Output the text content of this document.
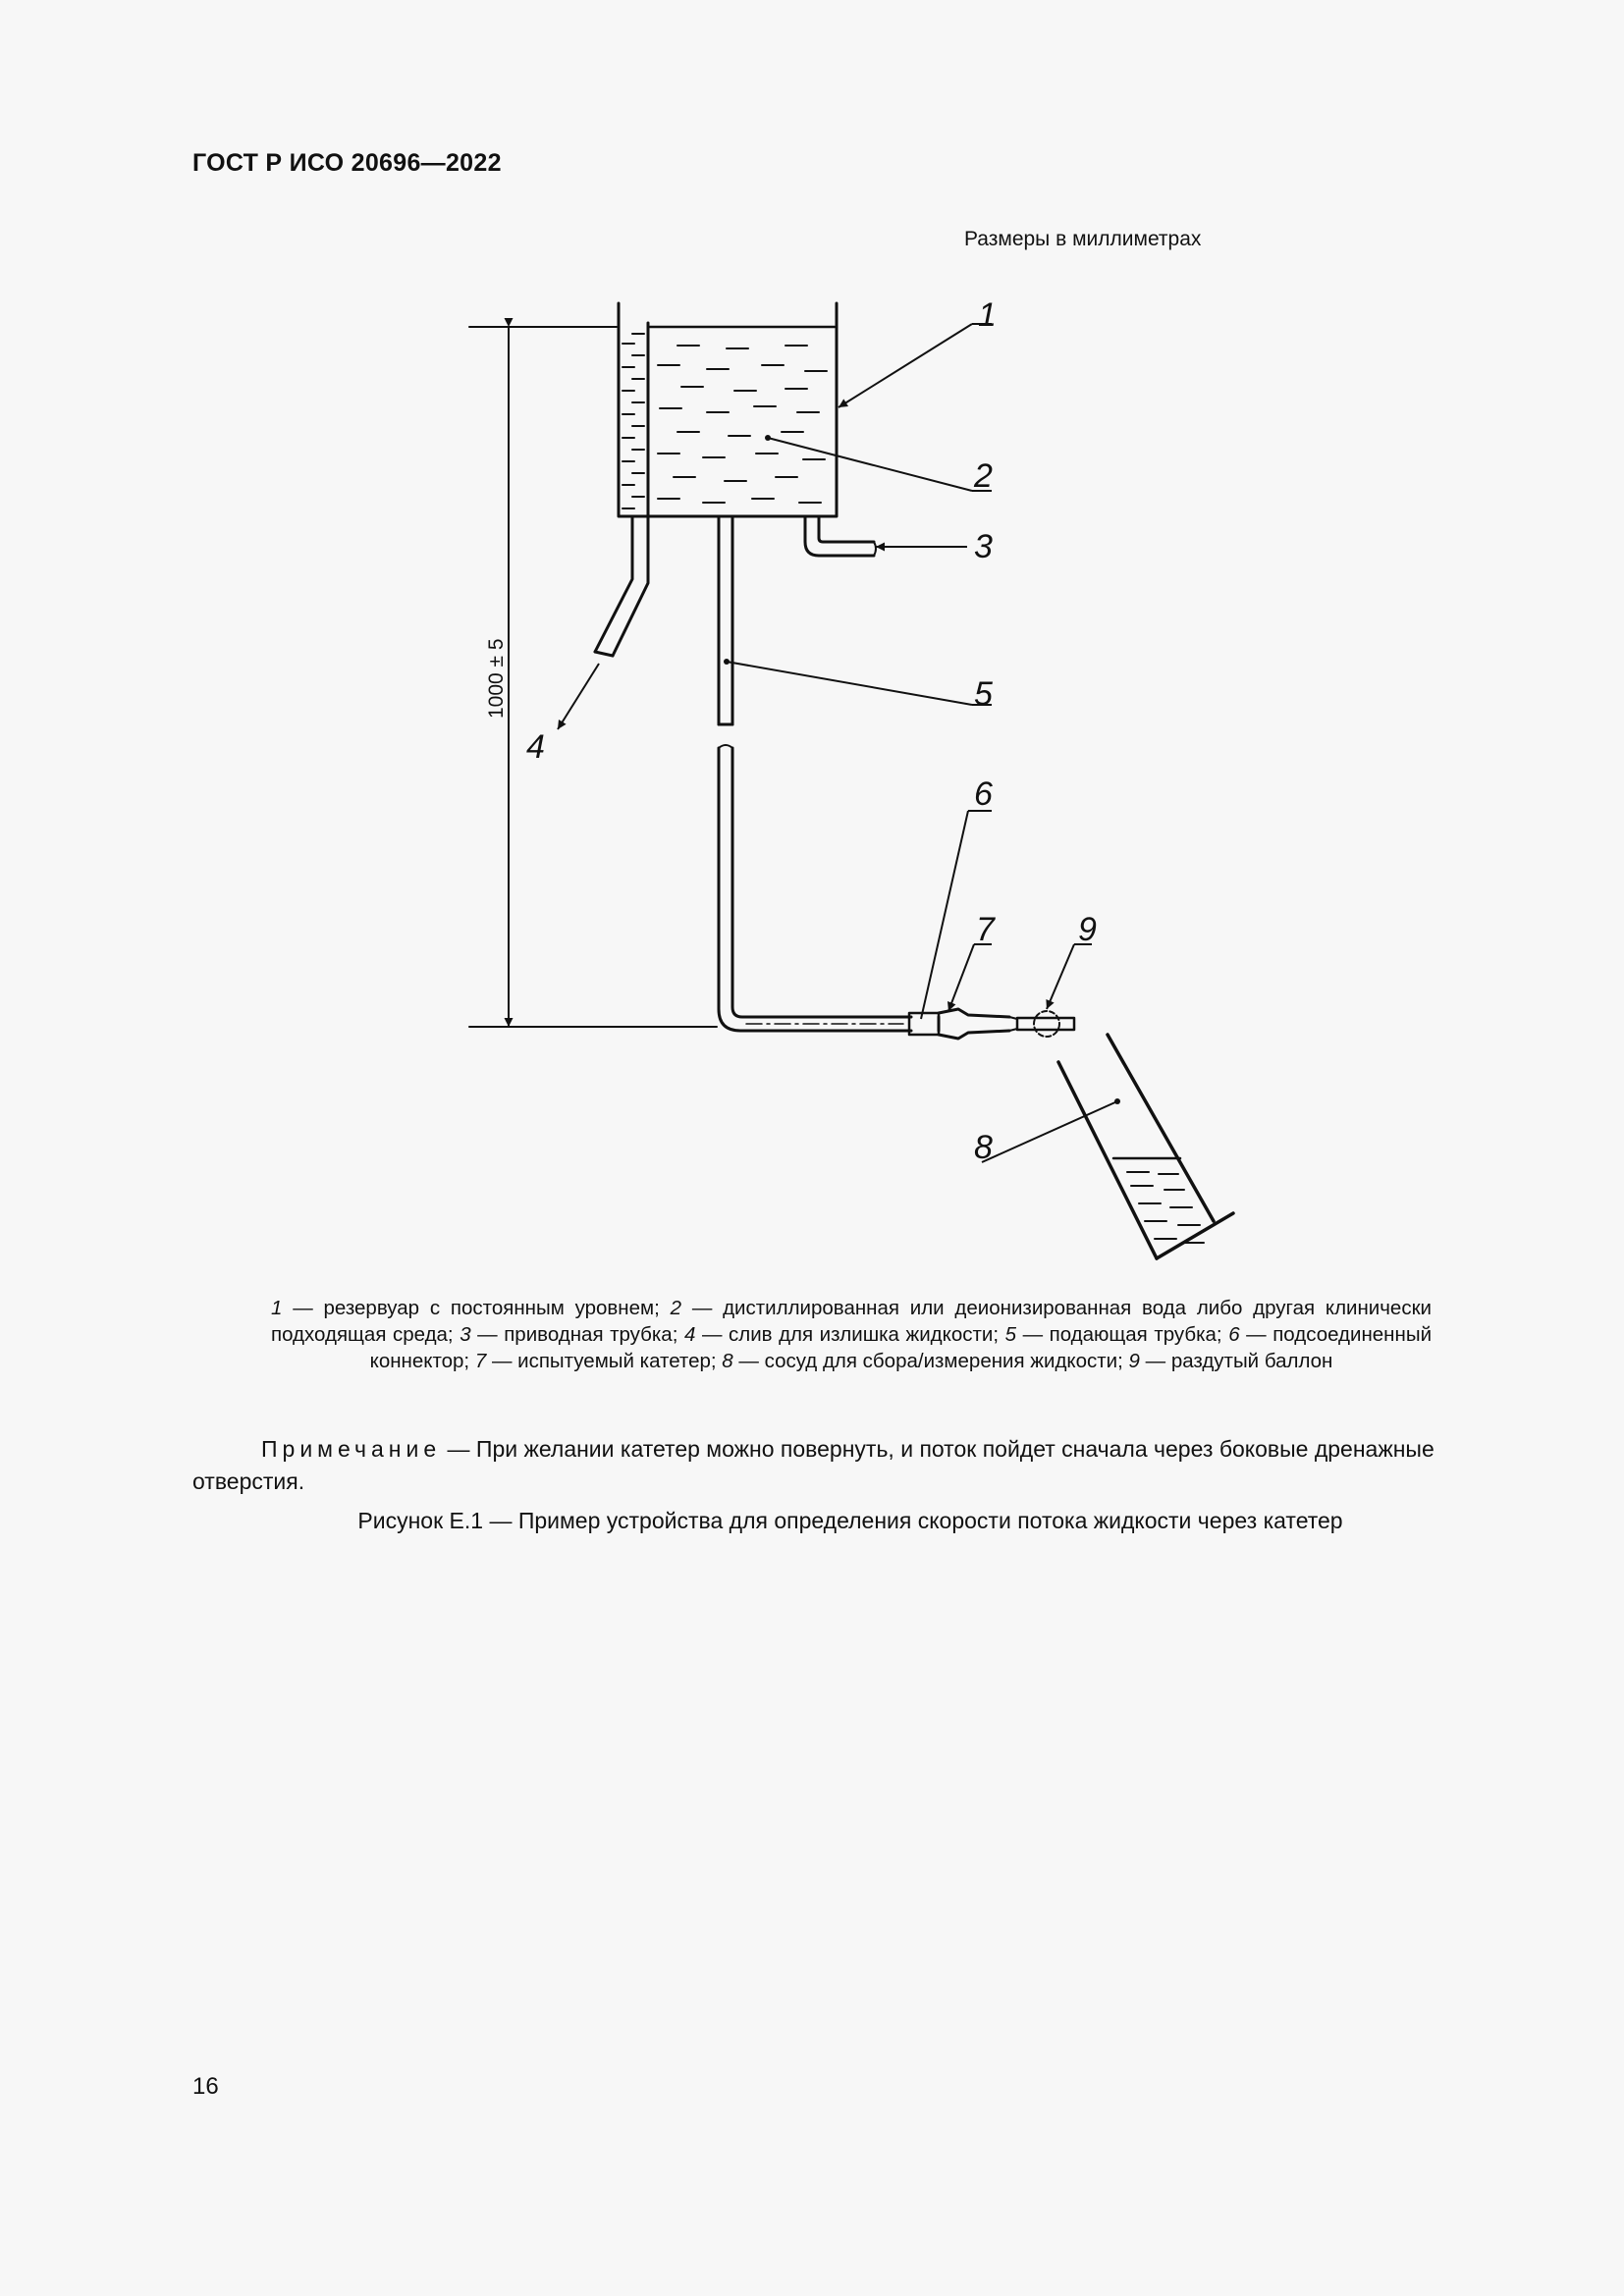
ГОСТ Р ИСО 20696—2022
Размеры в миллиметрах
1
2
3
4
5
6
7	9
8
1000 ± 5
1 — резервуар с постоянным уровнем; 2 — дистиллированная или деионизированная вода либо другая клинически подходящая среда; 3 — приводная трубка; 4 — слив для излишка жидкости; 5 — подающая трубка; 6 — подсоединенный коннектор; 7 — испытуемый катетер; 8 — сосуд для сбора/измерения жидкости; 9 — раздутый баллон
Примечание — При желании катетер можно повернуть, и поток пойдет сначала через боковые дренажные отверстия.
Рисунок Е.1 — Пример устройства для определения скорости потока жидкости через катетер
16
